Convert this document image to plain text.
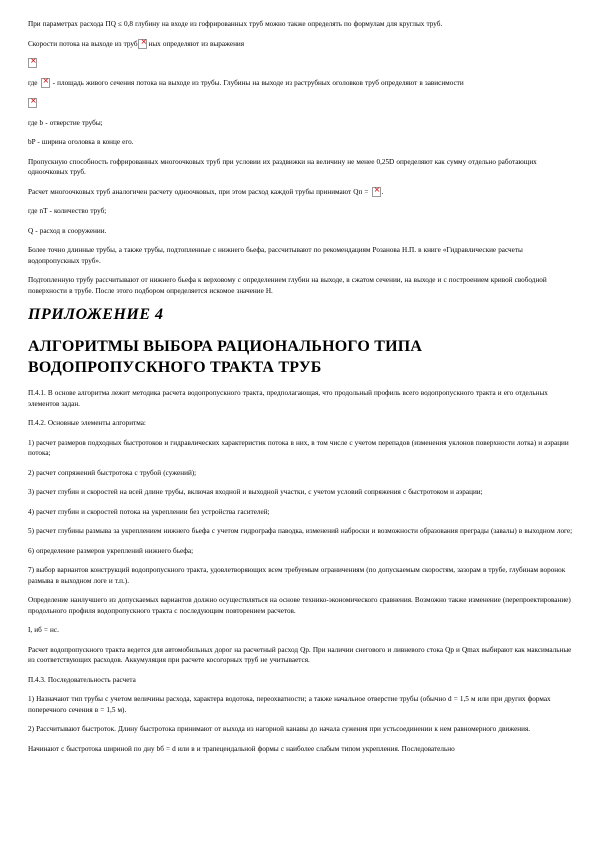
При параметрах расхода ПQ ≤ 0,8 глубину на входе из гофрированных труб можно также определять по формулам для круглых труб.

Скорости потока на выходе из труб × ных определяют из выражения

×

где × - площадь живого сечения потока на выходе из трубы. Глубины на выходе из раструбных оголовков труб определяют в зависимости

×

где b - отверстие трубы;

bP - ширина оголовка в конце его.

Пропускную способность гофрированных многоочковых труб при условии их раздвижки на величину не менее 0,25D определяют как сумму отдельно работающих одноочковых труб.

Расчет многоочковых труб аналогичен расчету одноочковых, при этом расход каждой трубы принимают Qп = × .

где nT - количество труб;

Q - расход в сооружении.

Более точно длинные трубы, а также трубы, подтопленные с нижнего бьефа, рассчитывают по рекомендациям Розанова Н.П. в книге «Гидравлические расчеты водопропускных труб».

Подтопленную трубу рассчитывают от нижнего бьефа к верховому с определением глубин на выходе, в сжатом сечении, на выходе и с построением кривой свободной поверхности в трубе. После этого подбором определяется искомое значение Н.

ПРИЛОЖЕНИЕ 4
АЛГОРИТМЫ ВЫБОРА РАЦИОНАЛЬНОГО ТИПА ВОДОПРОПУСКНОГО ТРАКТА ТРУБ

П.4.1. В основе алгоритма лежит методика расчета водопропускного тракта, предполагающая, что продольный профиль всего водопропускного тракта и его отдельных элементов задан.

П.4.2. Основные элементы алгоритма:

1) расчет размеров подходных быстротоков и гидравлических характеристик потока в них, в том числе с учетом перепадов (изменения уклонов поверхности лотка) и аэрации потока;

2) расчет сопряжений быстротока с трубой (сужений);

3) расчет глубин и скоростей на всей длине трубы, включая входной и выходной участки, с учетом условий сопряжения с быстротоком и аэрации;

4) расчет глубин и скоростей потока на укреплении без устройства гасителей;

5) расчет глубины размыва за укреплением нижнего бьефа с учетом гидрографа паводка, изменений наброски и возможности образования преграды (завалы) в выходном логе;

6) определение размеров укреплений нижнего бьефа;

7) выбор вариантов конструкций водопропускного тракта, удовлетворяющих всем требуемым ограничениям (по допускаемым скоростям, зазорам в трубе, глубинам воронок размыва в выходном логе и т.п.).

Определение наилучшего из допускаемых вариантов должно осуществляться на основе технико-экономического сравнения. Возможно также изменение (перепроектирование) продольного профиля водопропускного тракта с последующим повторением расчетов.

I, иб = нс.

Расчет водопропускного тракта ведется для автомобильных дорог на расчетный расход Qр. При наличии снегового и ливневого стока Qр и Qmax выбирают как максимальные из соответствующих расходов. Аккумуляция при расчете косогорных труб не учитывается.

П.4.3. Последовательность расчета

1) Назначают тип трубы с учетом величины расхода, характера водотока, переохватности; а также начальное отверстие трубы (обычно d = 1,5 м или при других формах поперечного сечения в = 1,5 м).

2) Рассчитывают быстроток. Длину быстротока принимают от выхода из нагорной канавы до начала сужения при устьсоединении к нем равномерного движения.

Начинают с быстротока шириной по дну bб = d или в и трапецеидальной формы с наиболее слабым типом укрепления. Последовательно
